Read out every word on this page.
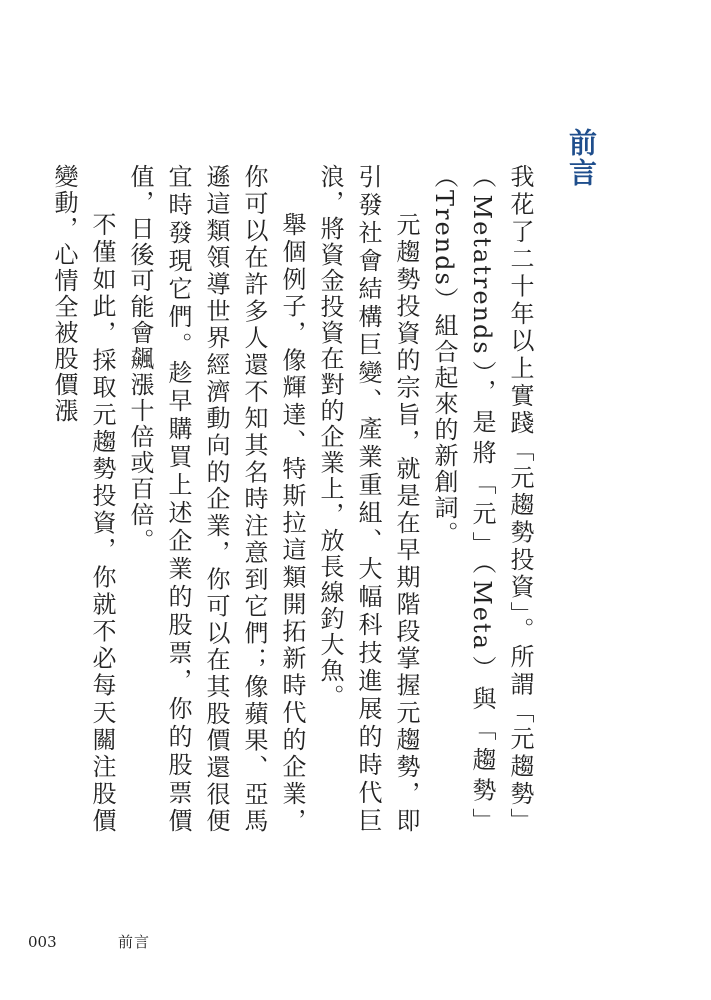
前言

我花了二十年以上實踐「元趨勢投資」。所謂「元趨勢」（Metatrends），是將「元」（Meta）與「趨勢」（Trends）組合起來的新創詞。

元趨勢投資的宗旨，就是在早期階段掌握元趨勢，即引發社會結構巨變、產業重組、大幅科技進展的時代巨浪，將資金投資在對的企業上，放長線釣大魚。

舉個例子，像輝達、特斯拉這類開拓新時代的企業，你可以在許多人還不知其名時注意到它們；像蘋果、亞馬遜這類領導世界經濟動向的企業，你可以在其股價還很便宜時發現它們。趁早購買上述企業的股票，你的股票價值，日後可能會飆漲十倍或百倍。

不僅如此，採取元趨勢投資，你就不必每天關注股價變動，心情全被股價漲

003	前言
